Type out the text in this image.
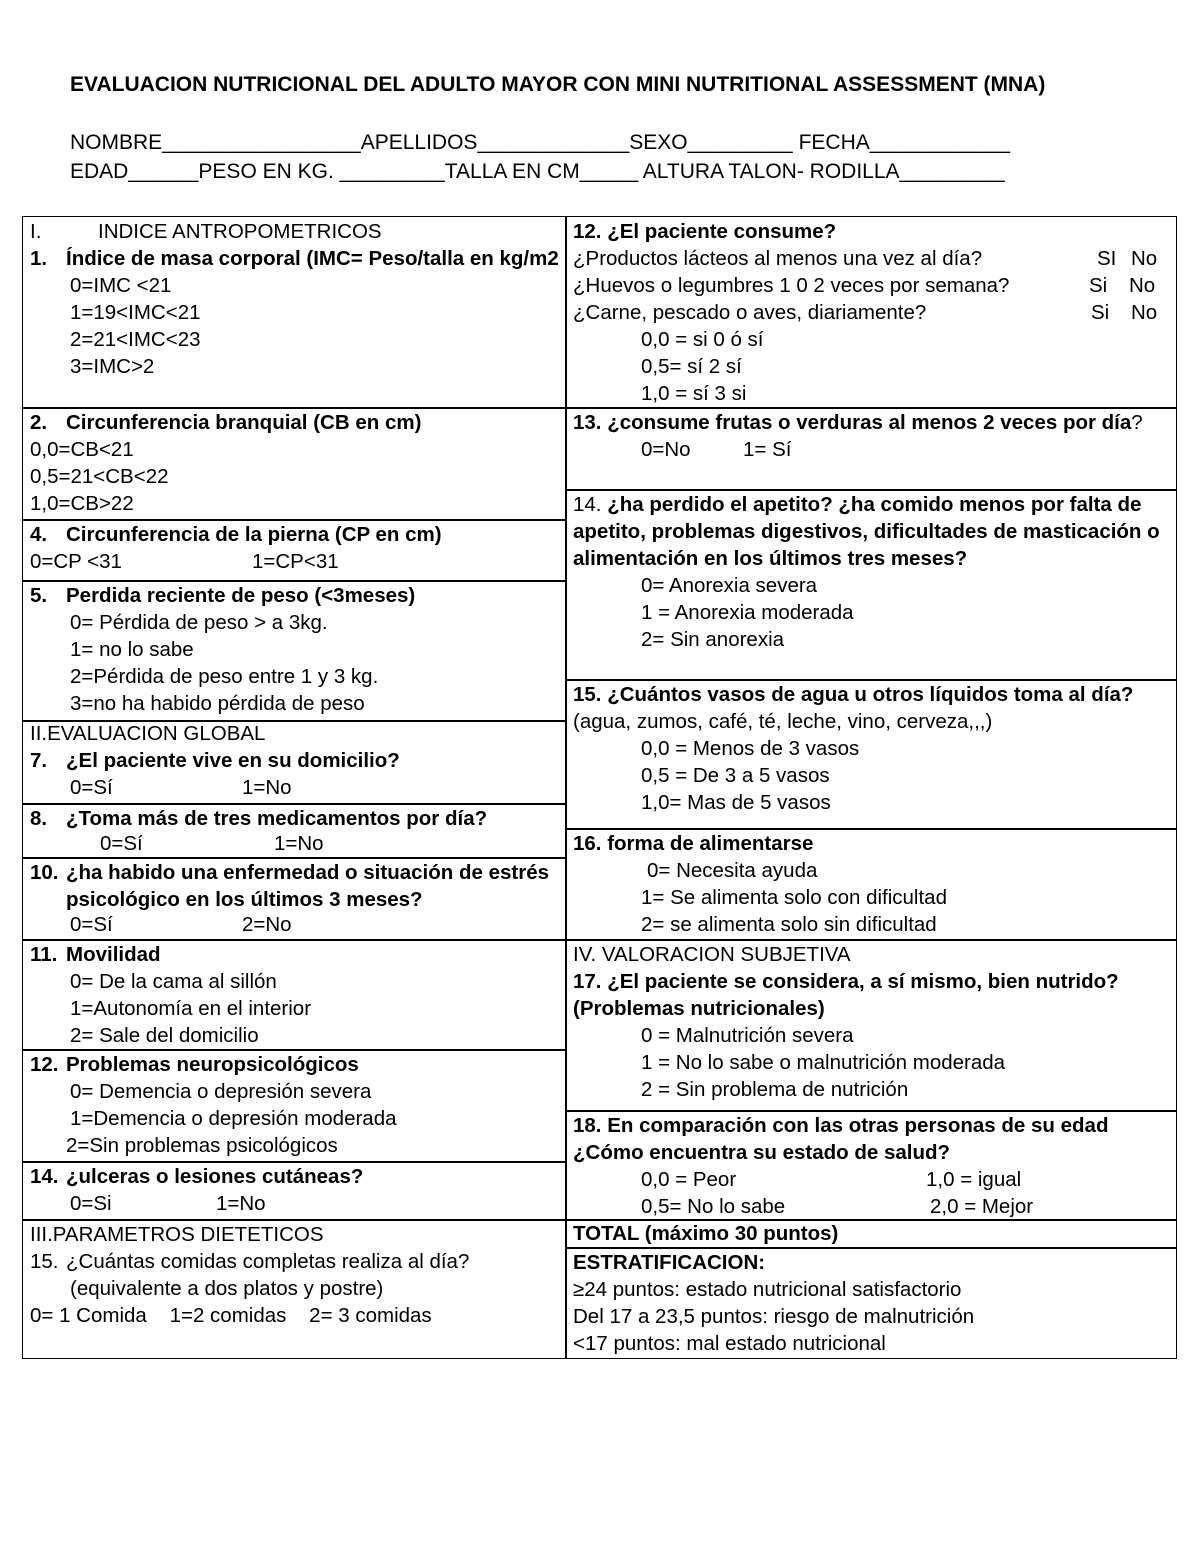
EVALUACION NUTRICIONAL DEL ADULTO MAYOR CON MINI NUTRITIONAL ASSESSMENT (MNA)
NOMBRE_________________APELLIDOS_____________SEXO_________ FECHA____________
EDAD______PESO EN KG. _________TALLA EN CM_____ ALTURA TALON- RODILLA_________
I.	INDICE ANTROPOMETRICOS
1. Índice de masa corporal (IMC= Peso/talla en kg/m2
0=IMC <21
1=19<IMC<21
2=21<IMC<23
3=IMC>2
2. Circunferencia branquial (CB en cm)
0,0=CB<21
0,5=21<CB<22
1,0=CB>22
4. Circunferencia de la pierna (CP en cm)
0=CP <31	1=CP<31
5. Perdida reciente de peso (<3meses)
0= Pérdida de peso > a 3kg.
1= no lo sabe
2=Pérdida de peso entre 1 y 3 kg.
3=no ha habido pérdida de peso
II.EVALUACION GLOBAL
7. ¿El paciente vive en su domicilio?
0=Sí	1=No
8. ¿Toma más de tres medicamentos por día?
0=Sí	1=No
10. ¿ha habido una enfermedad o situación de estrés psicológico en los últimos 3 meses?
0=Sí	2=No
11. Movilidad
0= De la cama al sillón
1=Autonomía en el interior
2= Sale del domicilio
12. Problemas neuropsicológicos
0= Demencia o depresión severa
1=Demencia o depresión moderada
2=Sin problemas psicológicos
14. ¿ulceras o lesiones cutáneas?
0=Si	1=No
III.PARAMETROS DIETETICOS
15. ¿Cuántas comidas completas realiza al día?
(equivalente a dos platos y postre)
0= 1 Comida    1=2 comidas    2= 3 comidas
12. ¿El paciente consume?
¿Productos lácteos al menos una vez al día?	SI No
¿Huevos o legumbres 1 0 2 veces por semana?	Si No
¿Carne, pescado o aves, diariamente?	Si No
0,0 = si 0 ó sí
0,5= sí 2 sí
1,0 = sí 3 si
13. ¿consume frutas o verduras al menos 2 veces por día?
0=No	1= Sí
14. ¿ha perdido el apetito? ¿ha comido menos por falta de apetito, problemas digestivos, dificultades de masticación o alimentación en los últimos tres meses?
0= Anorexia severa
1 = Anorexia moderada
2= Sin anorexia
15. ¿Cuántos vasos de agua u otros líquidos toma al día? (agua, zumos, café, té, leche, vino, cerveza,,,)
0,0 = Menos de 3 vasos
0,5 = De 3 a 5 vasos
1,0= Mas de 5 vasos
16. forma de alimentarse
0= Necesita ayuda
1= Se alimenta solo con dificultad
2= se alimenta solo sin dificultad
IV. VALORACION SUBJETIVA
17. ¿El paciente se considera, a sí mismo, bien nutrido? (Problemas nutricionales)
0 = Malnutrición severa
1 = No lo sabe o malnutrición moderada
2 = Sin problema de nutrición
18. En comparación con las otras personas de su edad ¿Cómo encuentra su estado de salud?
0,0 = Peor	1,0 = igual
0,5= No lo sabe	2,0 = Mejor
TOTAL (máximo 30 puntos)
ESTRATIFICACION:
≥24 puntos: estado nutricional satisfactorio
Del 17 a 23,5 puntos: riesgo de malnutrición
<17 puntos: mal estado nutricional
